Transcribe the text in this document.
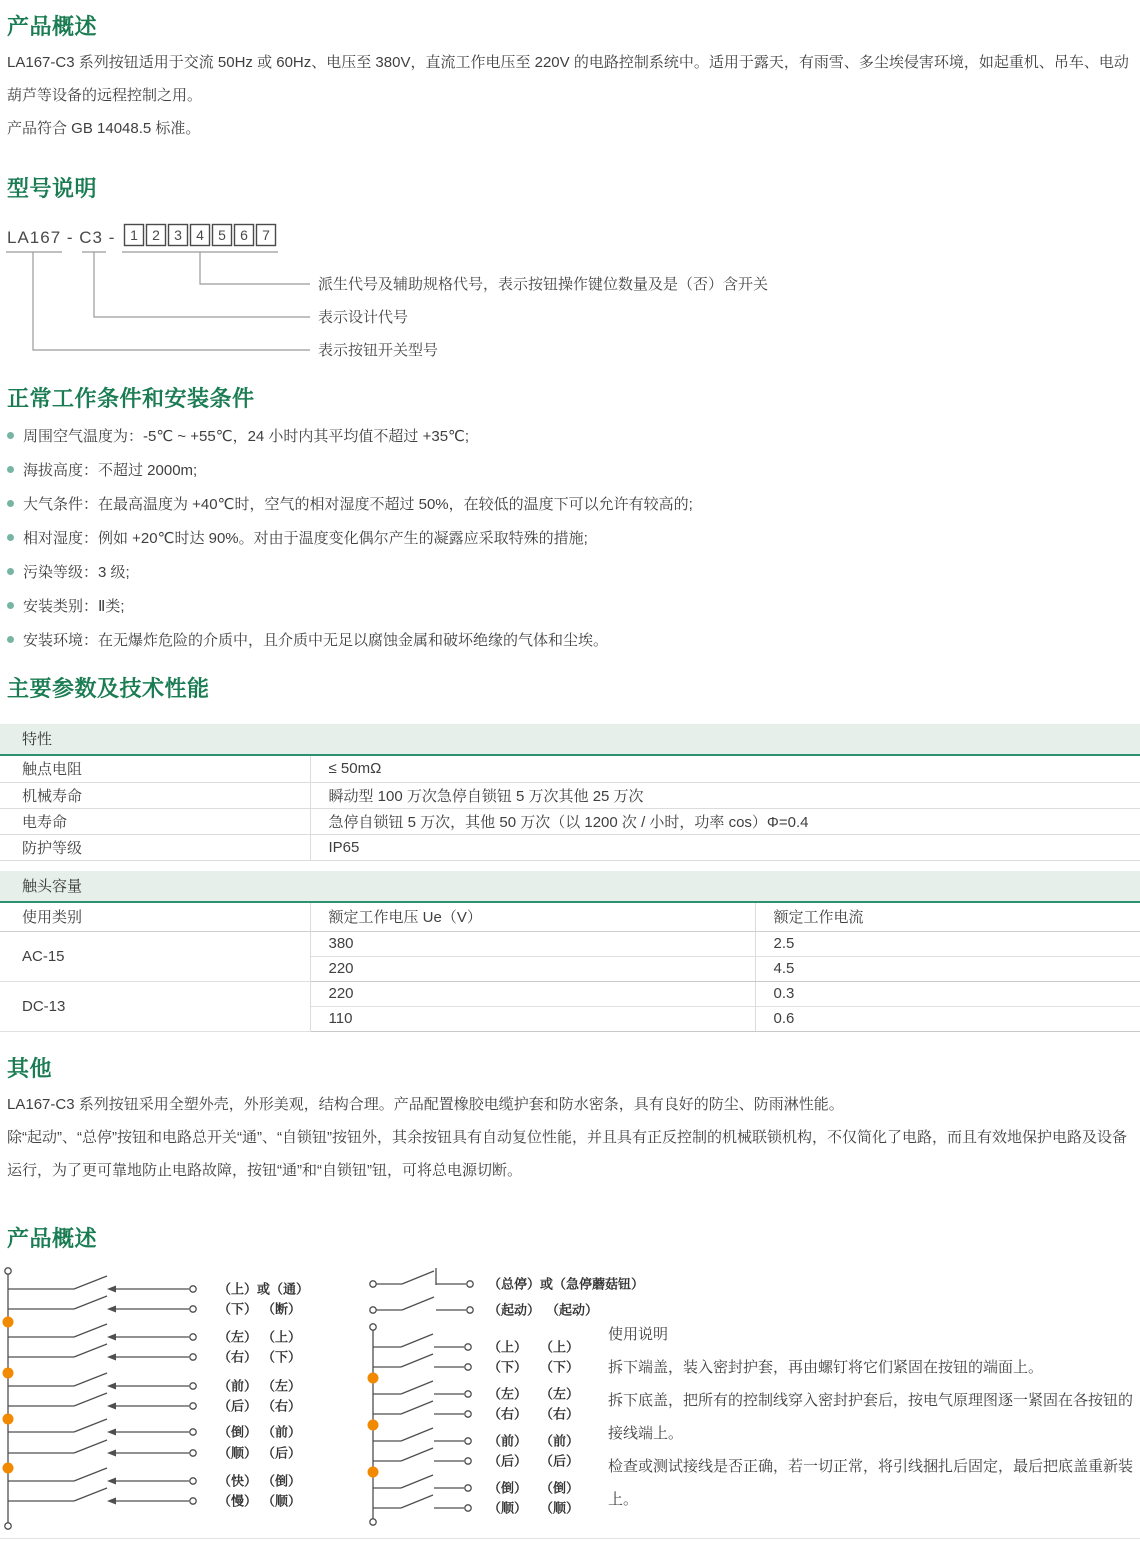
产品概述

LA167-C3 系列按钮适用于交流 50Hz 或 60Hz、电压至 380V，直流工作电压至 220V 的电路控制系统中。适用于露天，有雨雪、多尘埃侵害环境，如起重机、吊车、电动葫芦等设备的远程控制之用。

产品符合 GB 14048.5 标准。

型号说明
LA167 - C3 - 1 2 3 4 5 6 7
派生代号及辅助规格代号，表示按钮操作键位数量及是（否）含开关
表示设计代号
表示按钮开关型号
正常工作条件和安装条件
周围空气温度为：-5℃ ~ +55℃，24 小时内其平均值不超过 +35℃;
海拔高度：不超过 2000m;
大气条件：在最高温度为 +40℃时，空气的相对湿度不超过 50%，在较低的温度下可以允许有较高的;
相对湿度：例如 +20℃时达 90%。对由于温度变化偶尔产生的凝露应采取特殊的措施;
污染等级：3 级;
安装类别：Ⅱ类;
安装环境：在无爆炸危险的介质中，且介质中无足以腐蚀金属和破坏绝缘的气体和尘埃。
主要参数及技术性能
特性
触点电阻	≤ 50mΩ
机械寿命	瞬动型 100 万次急停自锁钮 5 万次其他 25 万次
电寿命	急停自锁钮 5 万次，其他 50 万次（以 1200 次 / 小时，功率 cos）Φ=0.4
防护等级	IP65
触头容量
使用类别	额定工作电压 Ue（V）	额定工作电流
AC-15	380	2.5
	220	4.5
DC-13	220	0.3
	110	0.6
其他
LA167-C3 系列按钮采用全塑外壳，外形美观，结构合理。产品配置橡胶电缆护套和防水密条，具有良好的防尘、防雨淋性能。
除“起动”、“总停”按钮和电路总开关“通”、“自锁钮”按钮外，其余按钮具有自动复位性能，并且具有正反控制的机械联锁机构，不仅简化了电路，而且有效地保护电路及设备运行，为了更可靠地防止电路故障，按钮“通”和“自锁钮”钮，可将总电源切断。
产品概述
（上）或（通）
（下） （断）
（左） （上）
（右） （下）
（前） （左）
（后） （右）
（倒） （前）
（顺） （后）
（快） （倒）
（慢） （顺）
（总停）或（急停蘑菇钮）
（起动） （起动）
（上） （上）
（下） （下）
（左） （左）
（右） （右）
（前） （前）
（后） （后）
（倒） （倒）
（顺） （顺）

使用说明

拆下端盖，装入密封护套，再由螺钉将它们紧固在按钮的端面上。

拆下底盖，把所有的控制线穿入密封护套后，按电气原理图逐一紧固在各按钮的接线端上。

检查或测试接线是否正确，若一切正常，将引线捆扎后固定，最后把底盖重新装上。
